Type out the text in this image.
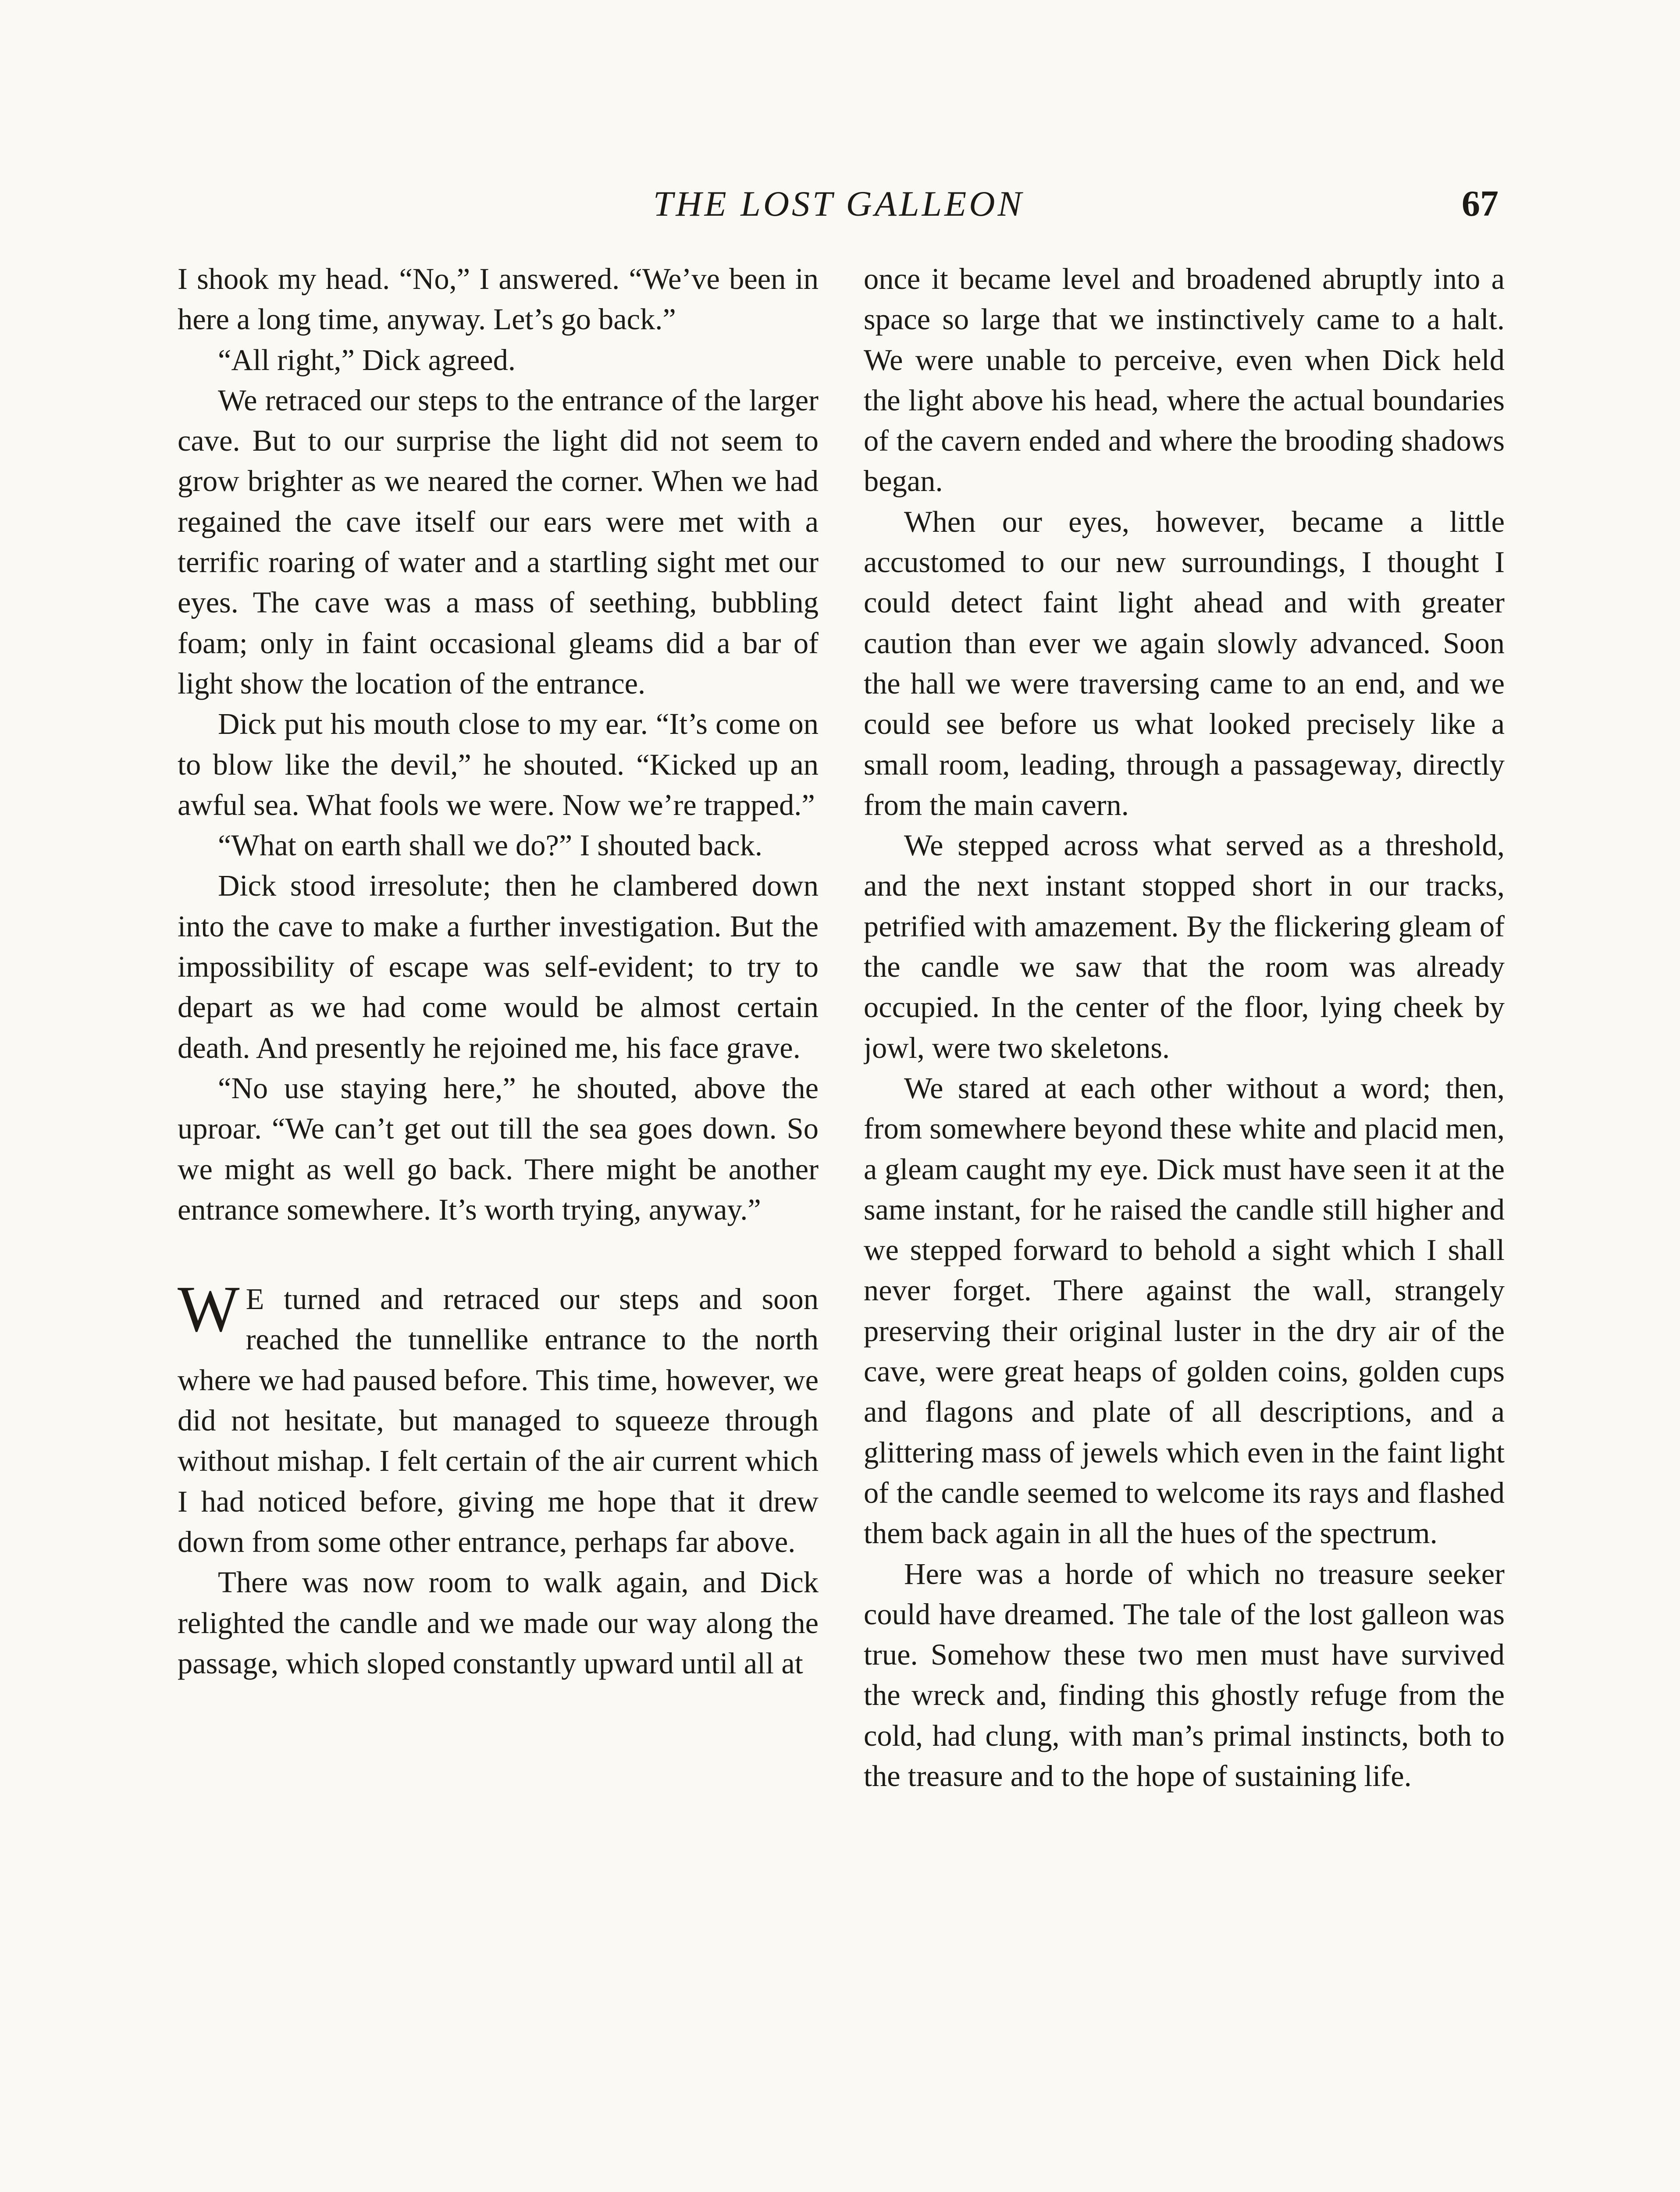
THE LOST GALLEON	67

I shook my head. “No,” I answered. “We’ve been in here a long time, anyway. Let’s go back.”

“All right,” Dick agreed.

We retraced our steps to the entrance of the larger cave. But to our surprise the light did not seem to grow brighter as we neared the corner. When we had regained the cave itself our ears were met with a terrific roaring of water and a startling sight met our eyes. The cave was a mass of seething, bubbling foam; only in faint occasional gleams did a bar of light show the location of the entrance.

Dick put his mouth close to my ear. “It’s come on to blow like the devil,” he shouted. “Kicked up an awful sea. What fools we were. Now we’re trapped.”

“What on earth shall we do?” I shouted back.

Dick stood irresolute; then he clambered down into the cave to make a further investigation. But the impossibility of escape was self-evident; to try to depart as we had come would be almost certain death. And presently he rejoined me, his face grave.

“No use staying here,” he shouted, above the uproar. “We can’t get out till the sea goes down. So we might as well go back. There might be another entrance somewhere. It’s worth trying, anyway.”

W E turned and retraced our steps and soon reached the tunnellike entrance to the north where we had paused before. This time, however, we did not hesitate, but managed to squeeze through without mishap. I felt certain of the air current which I had noticed before, giving me hope that it drew down from some other entrance, perhaps far above.

There was now room to walk again, and Dick relighted the candle and we made our way along the passage, which sloped constantly upward until all at

once it became level and broadened abruptly into a space so large that we instinctively came to a halt. We were unable to perceive, even when Dick held the light above his head, where the actual boundaries of the cavern ended and where the brooding shadows began.

When our eyes, however, became a little accustomed to our new surroundings, I thought I could detect faint light ahead and with greater caution than ever we again slowly advanced. Soon the hall we were traversing came to an end, and we could see before us what looked precisely like a small room, leading, through a passageway, directly from the main cavern.

We stepped across what served as a threshold, and the next instant stopped short in our tracks, petrified with amazement. By the flickering gleam of the candle we saw that the room was already occupied. In the center of the floor, lying cheek by jowl, were two skeletons.

We stared at each other without a word; then, from somewhere beyond these white and placid men, a gleam caught my eye. Dick must have seen it at the same instant, for he raised the candle still higher and we stepped forward to behold a sight which I shall never forget. There against the wall, strangely preserving their original luster in the dry air of the cave, were great heaps of golden coins, golden cups and flagons and plate of all descriptions, and a glittering mass of jewels which even in the faint light of the candle seemed to welcome its rays and flashed them back again in all the hues of the spectrum.

Here was a horde of which no treasure seeker could have dreamed. The tale of the lost galleon was true. Somehow these two men must have survived the wreck and, finding this ghostly refuge from the cold, had clung, with man’s primal instincts, both to the treasure and to the hope of sustaining life.
